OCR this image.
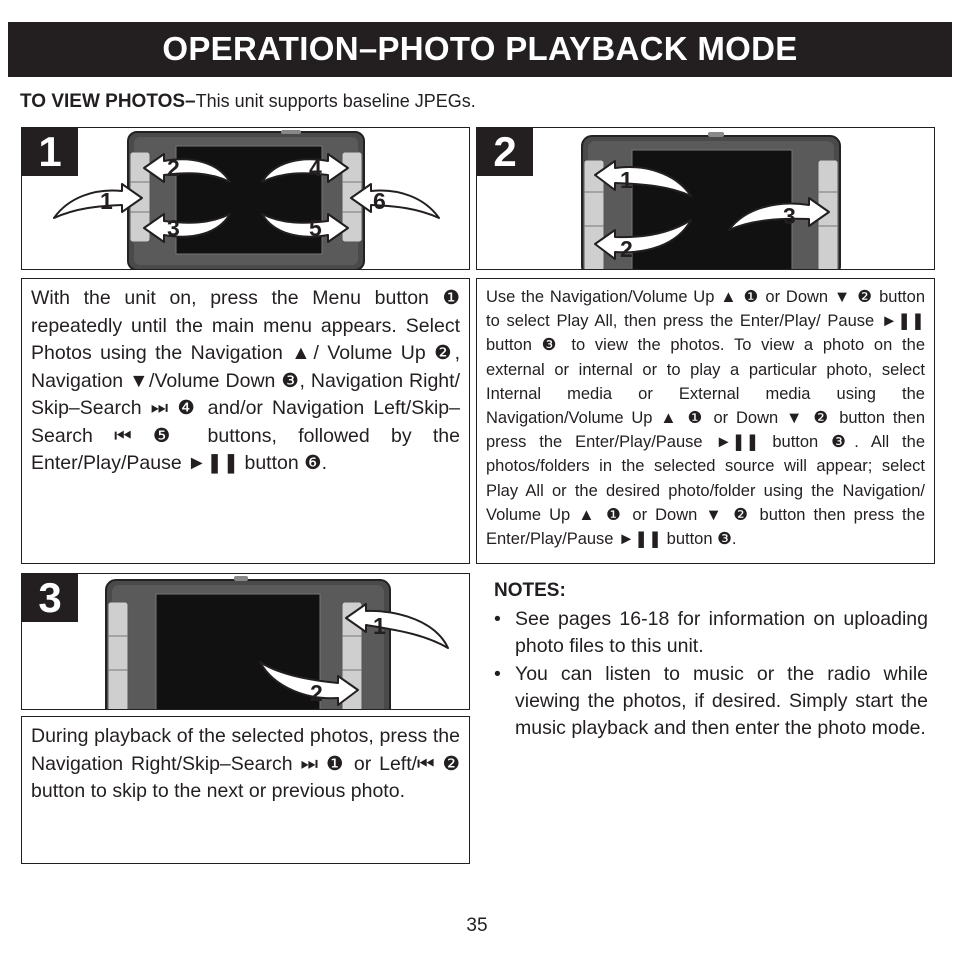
OPERATION–PHOTO PLAYBACK MODE
TO VIEW PHOTOS–This unit supports baseline JPEGs.
2
3
4
5
1	6
1
1
2
3
2
With the unit on, press the Menu button ❶ repeatedly until the main menu appears. Select Photos using the Navigation ▲/ Volume Up ❷, Navigation ▼/Volume Down ❸, Navigation Right/ Skip–Search ⏭ ❹ and/or Navigation Left/Skip–Search ⏮ ❺ buttons, followed by the Enter/Play/Pause ►❚❚ button ❻.
Use the Navigation/Volume Up ▲ ❶ or Down ▼ ❷ button to select Play All, then press the Enter/Play/ Pause ►❚❚ button ❸ to view the photos. To view a photo on the external or internal or to play a particular photo, select Internal media or External media using the Navigation/Volume Up ▲ ❶ or Down ▼ ❷ button then press the Enter/Play/Pause ►❚❚ button ❸. All the photos/folders in the selected source will appear; select Play All or the desired photo/folder using the Navigation/ Volume Up ▲ ❶ or Down ▼ ❷ button then press the Enter/Play/Pause ►❚❚ button ❸.
1
2
3
During playback of the selected photos, press the Navigation Right/Skip–Search ⏭ ❶ or Left/⏮ ❷ button to skip to the next or previous photo.
NOTES:
• See pages 16-18 for information on uploading photo files to this unit.
• You can listen to music or the radio while viewing the photos, if desired. Simply start the music playback and then enter the photo mode.
35
